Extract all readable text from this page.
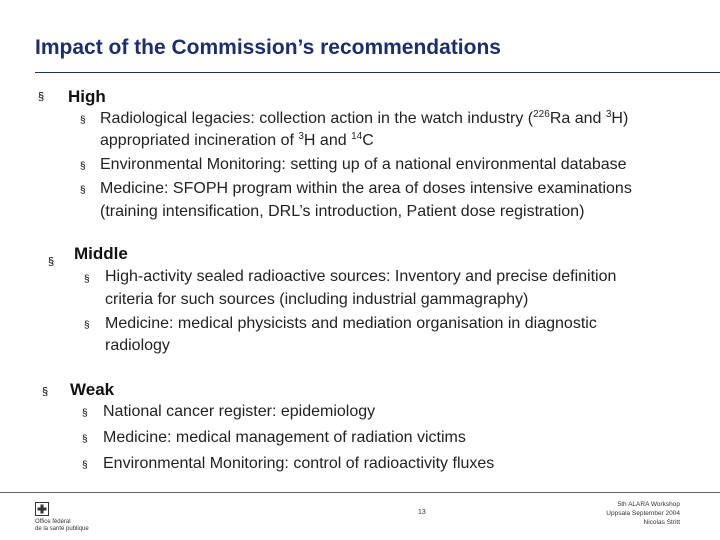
Impact of the Commission’s recommendations
§ High
§ Radiological legacies: collection action in the watch industry ($^{226}$Ra and $^3$H)
appropriated incineration of $^3$H and $^{14}$C
§ Environmental Monitoring: setting up of a national environmental database
§ Medicine: SFOPH program within the area of doses intensive examinations
(training intensification, DRL’s introduction, Patient dose registration)
§ Middle
§ High-activity sealed radioactive sources: Inventory and precise definition
criteria for such sources (including industrial gammagraphy)
§ Medicine: medical physicists and mediation organisation in diagnostic
radiology
§ Weak
§ National cancer register: epidemiology
§ Medicine: medical management of radiation victims
§ Environmental Monitoring: control of radioactivity fluxes
Office fédéral
de la santé publique
13
5th ALARA Workshop
Uppsala September 2004
Nicolas Stritt
